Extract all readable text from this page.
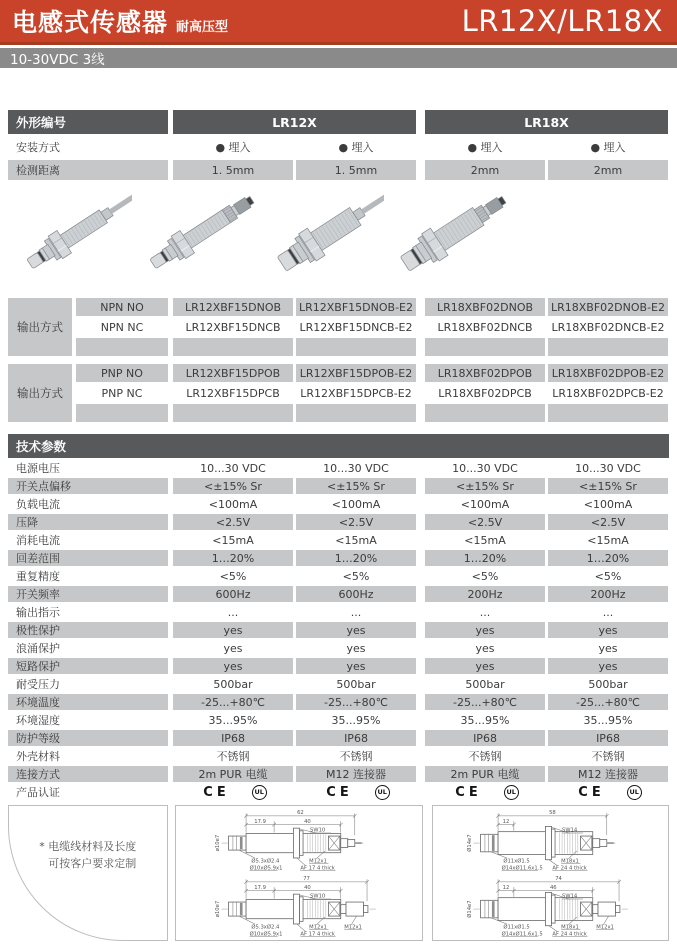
电感式传感器 耐高压型	LR12X/LR18X
10-30VDC 3线
外形编号	LR12X	LR18X
安装方式	● 埋入	● 埋入	● 埋入	● 埋入
检测距离	1. 5mm	1. 5mm	2mm	2mm
输出方式
NPN NO	LR12XBF15DNOB	LR12XBF15DNOB-E2	LR18XBF02DNOB	LR18XBF02DNOB-E2
NPN NC	LR12XBF15DNCB	LR12XBF15DNCB-E2	LR18XBF02DNCB	LR18XBF02DNCB-E2
输出方式
PNP NO	LR12XBF15DPOB	LR12XBF15DPOB-E2	LR18XBF02DPOB	LR18XBF02DPOB-E2
PNP NC	LR12XBF15DPCB	LR12XBF15DPCB-E2	LR18XBF02DPCB	LR18XBF02DPCB-E2
技术参数
电源电压	10...30 VDC	10...30 VDC	10...30 VDC	10...30 VDC
开关点偏移	<±15% Sr	<±15% Sr	<±15% Sr	<±15% Sr
负载电流	<100mA	<100mA	<100mA	<100mA
压降	<2.5V	<2.5V	<2.5V	<2.5V
消耗电流	<15mA	<15mA	<15mA	<15mA
回差范围	1…20%	1…20%	1…20%	1…20%
重复精度	<5%	<5%	<5%	<5%
开关频率	600Hz	600Hz	200Hz	200Hz
输出指示	...	...	...	...
极性保护	yes	yes	yes	yes
浪涌保护	yes	yes	yes	yes
短路保护	yes	yes	yes	yes
耐受压力	500bar	500bar	500bar	500bar
环境温度	-25...+80℃	-25...+80℃	-25...+80℃	-25...+80℃
环境湿度	35...95%	35...95%	35...95%	35...95%
防护等级	IP68	IP68	IP68	IP68
外壳材料	不锈钢	不锈钢	不锈钢	不锈钢
连接方式	2m PUR 电缆	M12 连接器	2m PUR 电缆	M12 连接器
产品认证	CE	UL	CE	UL	CE	UL	CE	UL
* 电缆线材料及长度
可按客户要求定制
62
17.9	40
SW10
ø10e7
Ø5.3xØ2.4
Ø10xØ5.9x1
M12x1
AF 17 4 thick
77
17.9	40
SW10
ø10e7
Ø5.3xØ2.4
Ø10xØ5.9x1
M12x1
AF 17 4 thick
M12x1
58
12
SW14
Ø14e7
Ø11xØ1.5
Ø14xØ11.6x1.5
M18x1
AF 24 4 thick
74
12	46
SW14
Ø14e7
Ø11xØ1.5
Ø14xØ11.6x1.5
M18x1
AF 24 4 thick
M12x1
